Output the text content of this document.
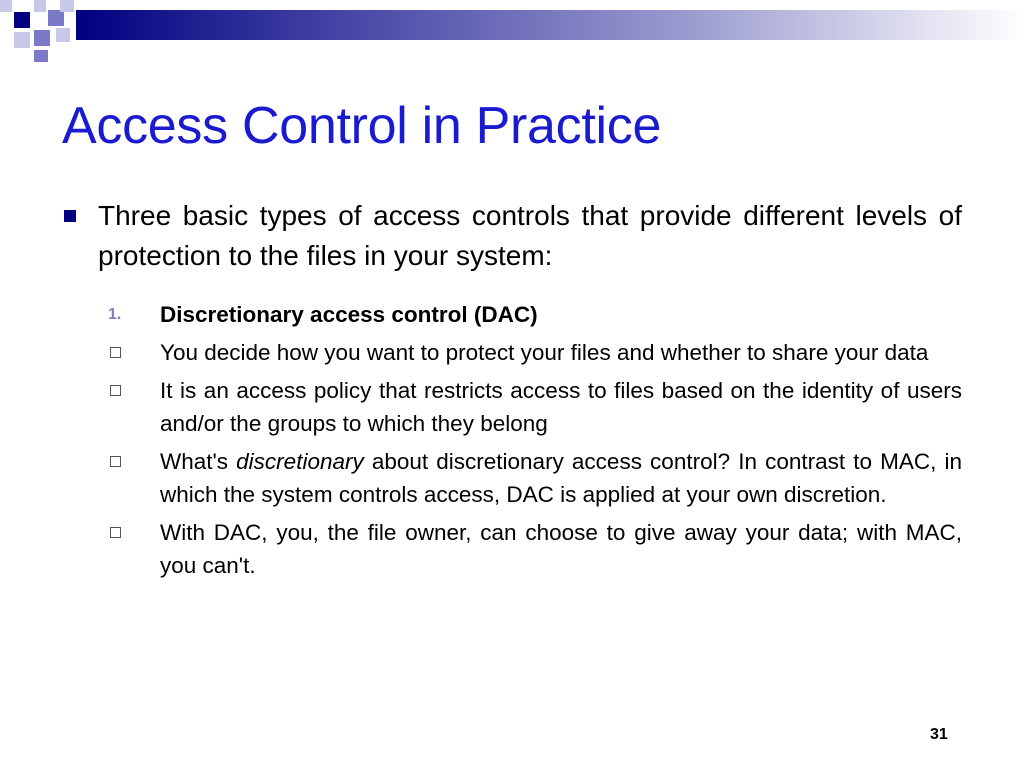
Access Control in Practice
Three basic types of access controls that provide different levels of protection to the files in your system:
1.	Discretionary access control (DAC)
You decide how you want to protect your files and whether to share your data
It is an access policy that restricts access to files based on the identity of users and/or the groups to which they belong
What's discretionary about discretionary access control? In contrast to MAC, in which the system controls access, DAC is applied at your own discretion.
With DAC, you, the file owner, can choose to give away your data; with MAC, you can't.
31
